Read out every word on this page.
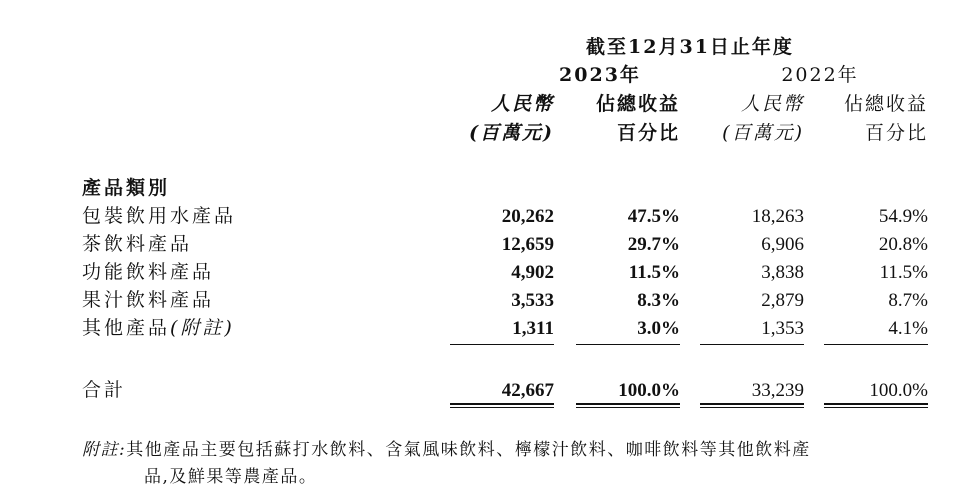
截至12月31日止年度
2023年	2022年
人民幣	佔總收益	人民幣	佔總收益
(百萬元)	百分比	(百萬元)	百分比
產品類別
包裝飲用水產品	20,262	47.5%	18,263	54.9%
茶飲料產品	12,659	29.7%	6,906	20.8%
功能飲料產品	4,902	11.5%	3,838	11.5%
果汁飲料產品	3,533	8.3%	2,879	8.7%
其他產品(附註)	1,311	3.0%	1,353	4.1%
合計	42,667	100.0%	33,239	100.0%
附註:其他產品主要包括蘇打水飲料、含氣風味飲料、檸檬汁飲料、咖啡飲料等其他飲料產
品,及鮮果等農產品。
